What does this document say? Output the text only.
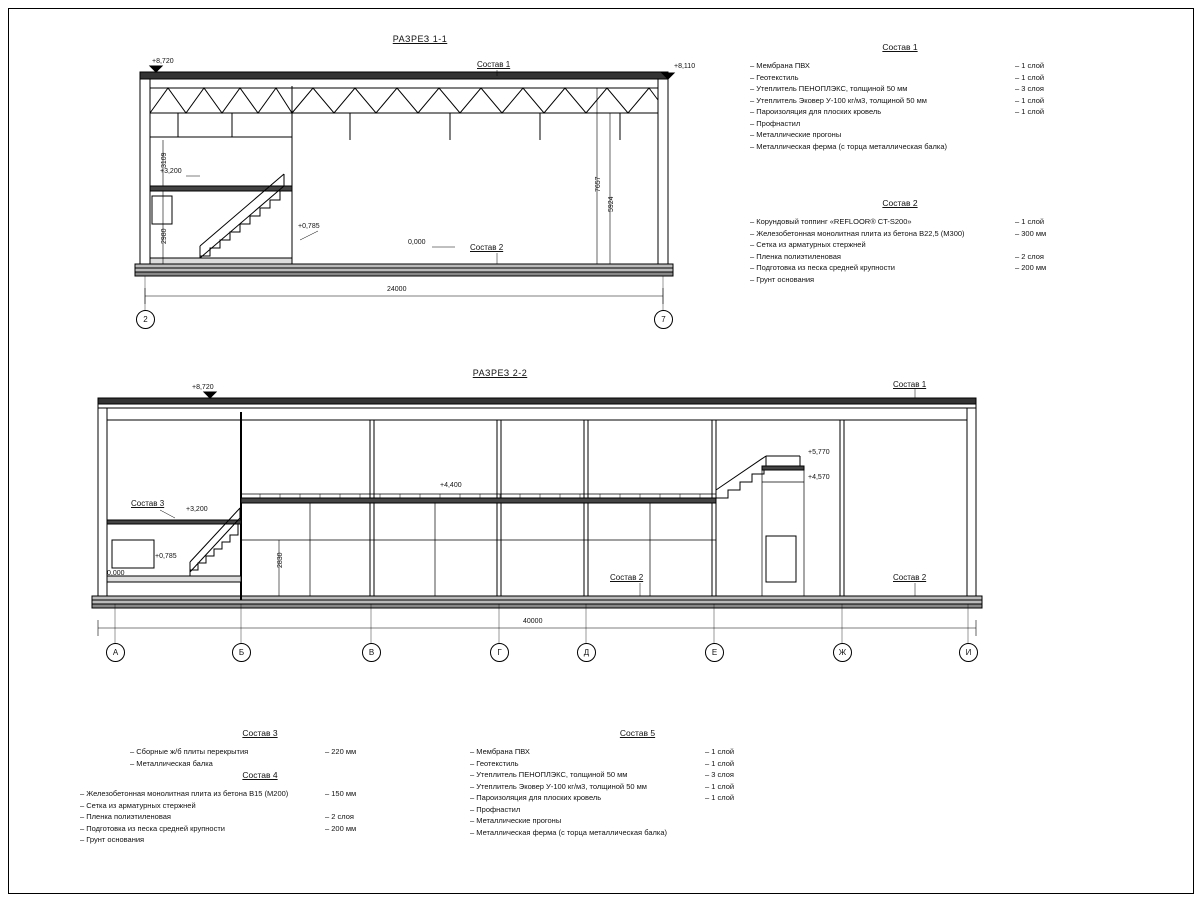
РАЗРЕЗ 1-1
+8,720
+8,110
+3,200
+0,785
0,000
3109
2980
7657
5924
24000
2	7
Состав 1
Состав 2
Состав 1
– Мембрана ПВХ	– 1 слой
– Геотекстиль	– 1 слой
– Утеплитель ПЕНОПЛЭКС, толщиной 50 мм	– 3 слоя
– Утеплитель Эковер У-100 кг/м3, толщиной 50 мм	– 1 слой
– Пароизоляция для плоских кровель	– 1 слой
– Профнастил
– Металлические прогоны
– Металлическая ферма (с торца металлическая балка)
Состав 2
– Корундовый топпинг «REFLOOR® CT-S200»	– 1 слой
– Железобетонная монолитная плита из бетона В22,5 (М300)	– 300 мм
– Сетка из арматурных стержней
– Пленка полиэтиленовая	– 2 слоя
– Подготовка из песка средней крупности	– 200 мм
– Грунт основания
РАЗРЕЗ 2-2
+8,720
+5,770
+4,570
+4,400
+3,200
+0,785
0,000
2830
40000
А	Б	В	Г	Д	Е	Ж	И
Состав 1
Состав 2	Состав 2
Состав 3
Состав 3
– Сборные ж/б плиты перекрытия	– 220 мм
– Металлическая балка
Состав 4
– Железобетонная монолитная плита из бетона В15 (М200)	– 150 мм
– Сетка из арматурных стержней
– Пленка полиэтиленовая	– 2 слоя
– Подготовка из песка средней крупности	– 200 мм
– Грунт основания
Состав 5
– Мембрана ПВХ	– 1 слой
– Геотекстиль	– 1 слой
– Утеплитель ПЕНОПЛЭКС, толщиной 50 мм	– 3 слоя
– Утеплитель Эковер У-100 кг/м3, толщиной 50 мм	– 1 слой
– Пароизоляция для плоских кровель	– 1 слой
– Профнастил
– Металлические прогоны
– Металлическая ферма (с торца металлическая балка)
